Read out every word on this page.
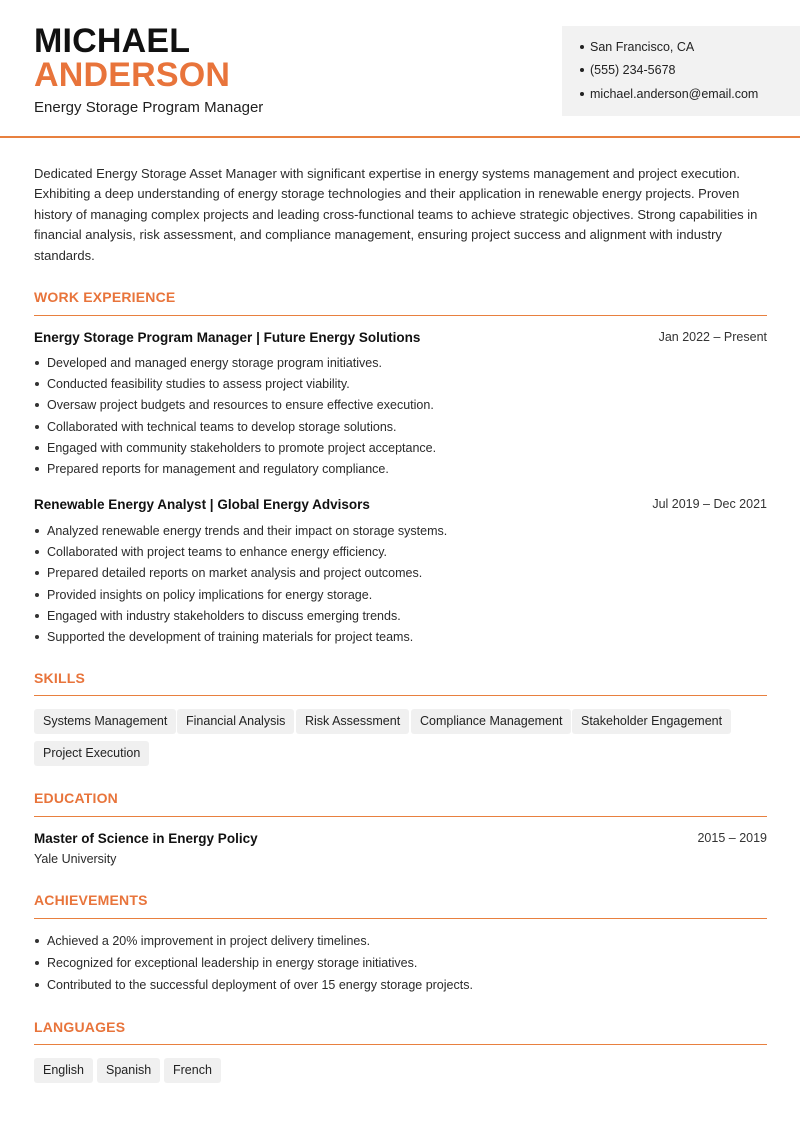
MICHAEL
ANDERSON
Energy Storage Program Manager
San Francisco, CA
(555) 234-5678
michael.anderson@email.com

Dedicated Energy Storage Asset Manager with significant expertise in energy systems management and project execution. Exhibiting a deep understanding of energy storage technologies and their application in renewable energy projects. Proven history of managing complex projects and leading cross-functional teams to achieve strategic objectives. Strong capabilities in financial analysis, risk assessment, and compliance management, ensuring project success and alignment with industry standards.

WORK EXPERIENCE
Energy Storage Program Manager | Future Energy Solutions	Jan 2022 – Present
Developed and managed energy storage program initiatives.
Conducted feasibility studies to assess project viability.
Oversaw project budgets and resources to ensure effective execution.
Collaborated with technical teams to develop storage solutions.
Engaged with community stakeholders to promote project acceptance.
Prepared reports for management and regulatory compliance.
Renewable Energy Analyst | Global Energy Advisors	Jul 2019 – Dec 2021
Analyzed renewable energy trends and their impact on storage systems.
Collaborated with project teams to enhance energy efficiency.
Prepared detailed reports on market analysis and project outcomes.
Provided insights on policy implications for energy storage.
Engaged with industry stakeholders to discuss emerging trends.
Supported the development of training materials for project teams.
SKILLS
Systems Management	Financial Analysis	Risk Assessment	Compliance Management	Stakeholder Engagement
Project Execution
EDUCATION
Master of Science in Energy Policy	2015 – 2019
Yale University
ACHIEVEMENTS
Achieved a 20% improvement in project delivery timelines.
Recognized for exceptional leadership in energy storage initiatives.
Contributed to the successful deployment of over 15 energy storage projects.
LANGUAGES
English	Spanish	French
